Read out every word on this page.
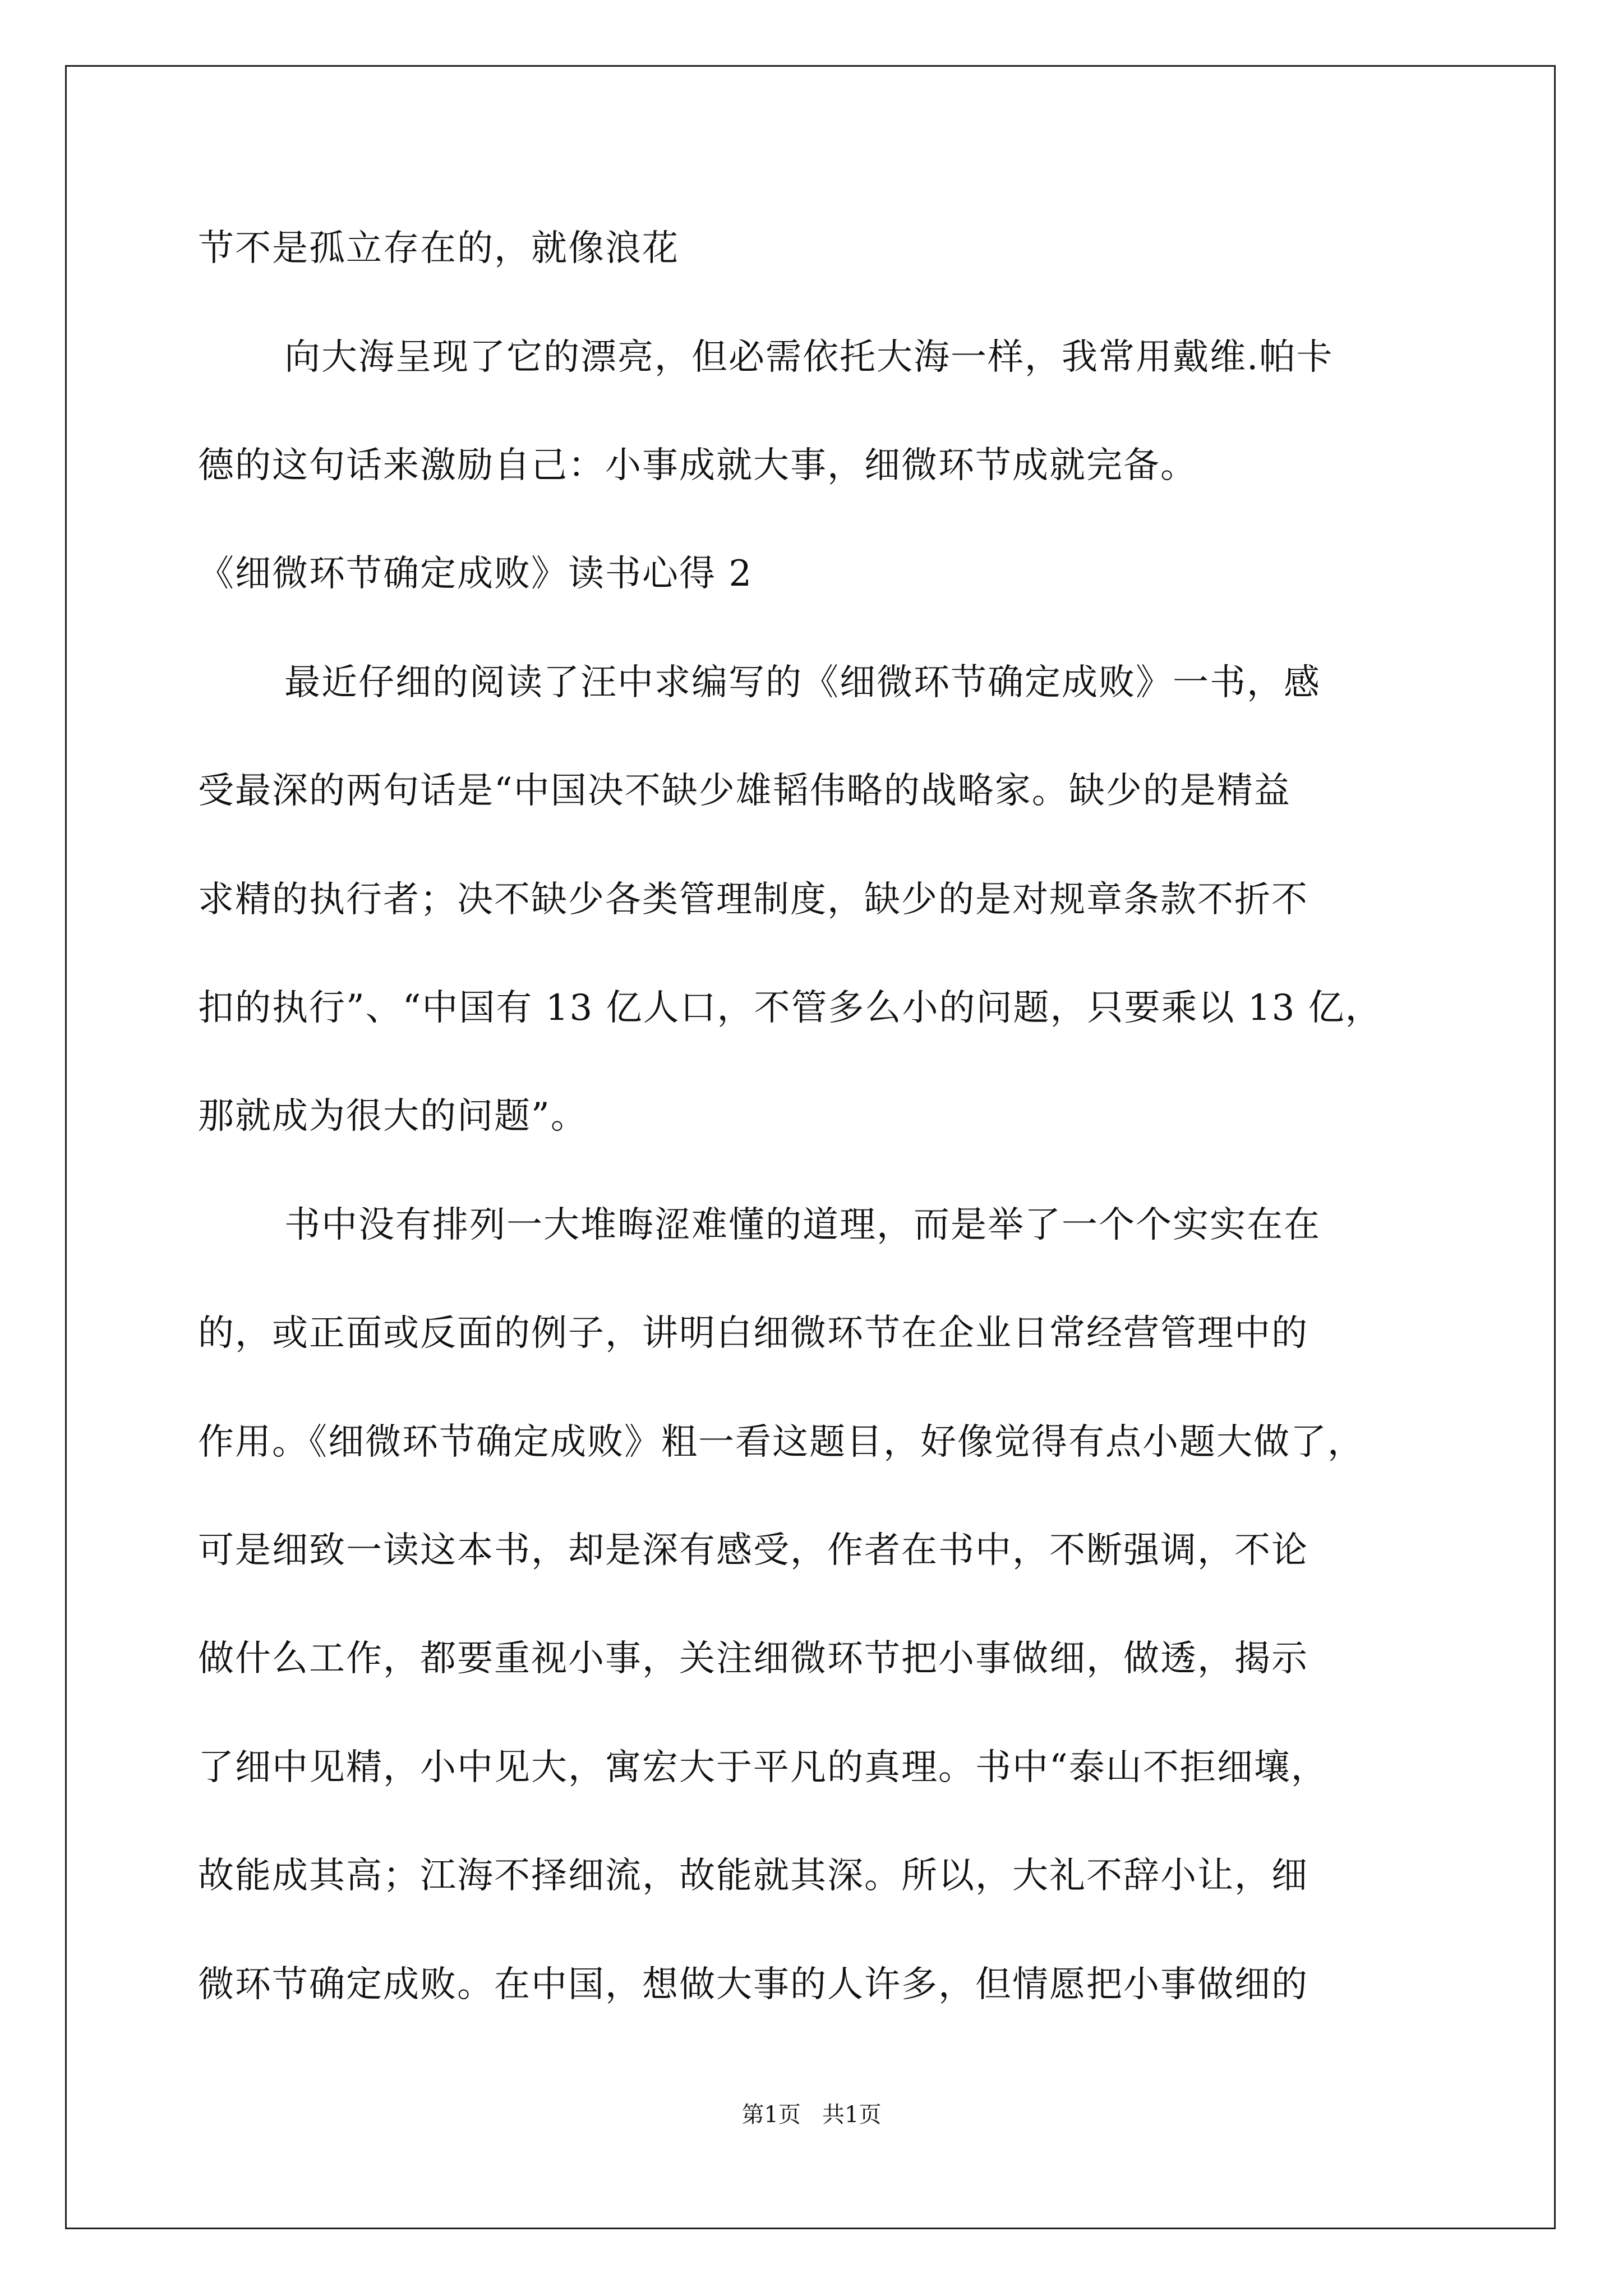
节不是孤立存在的，就像浪花
向大海呈现了它的漂亮，但必需依托大海一样，我常用戴维.帕卡
德的这句话来激励自己：小事成就大事，细微环节成就完备。
《细微环节确定成败》读书心得 2
最近仔细的阅读了汪中求编写的《细微环节确定成败》一书，感
受最深的两句话是“中国决不缺少雄韬伟略的战略家。缺少的是精益
求精的执行者；决不缺少各类管理制度，缺少的是对规章条款不折不
扣的执行”、“中国有 13 亿人口，不管多么小的问题，只要乘以 13 亿，
那就成为很大的问题”。
书中没有排列一大堆晦涩难懂的道理，而是举了一个个实实在在
的，或正面或反面的例子，讲明白细微环节在企业日常经营管理中的
作用。《细微环节确定成败》粗一看这题目，好像觉得有点小题大做了，
可是细致一读这本书，却是深有感受，作者在书中，不断强调，不论
做什么工作，都要重视小事，关注细微环节把小事做细，做透，揭示
了细中见精，小中见大，寓宏大于平凡的真理。书中“泰山不拒细壤，
故能成其高；江海不择细流，故能就其深。所以，大礼不辞小让，细
微环节确定成败。在中国，想做大事的人许多，但情愿把小事做细的
第1页   共1页
